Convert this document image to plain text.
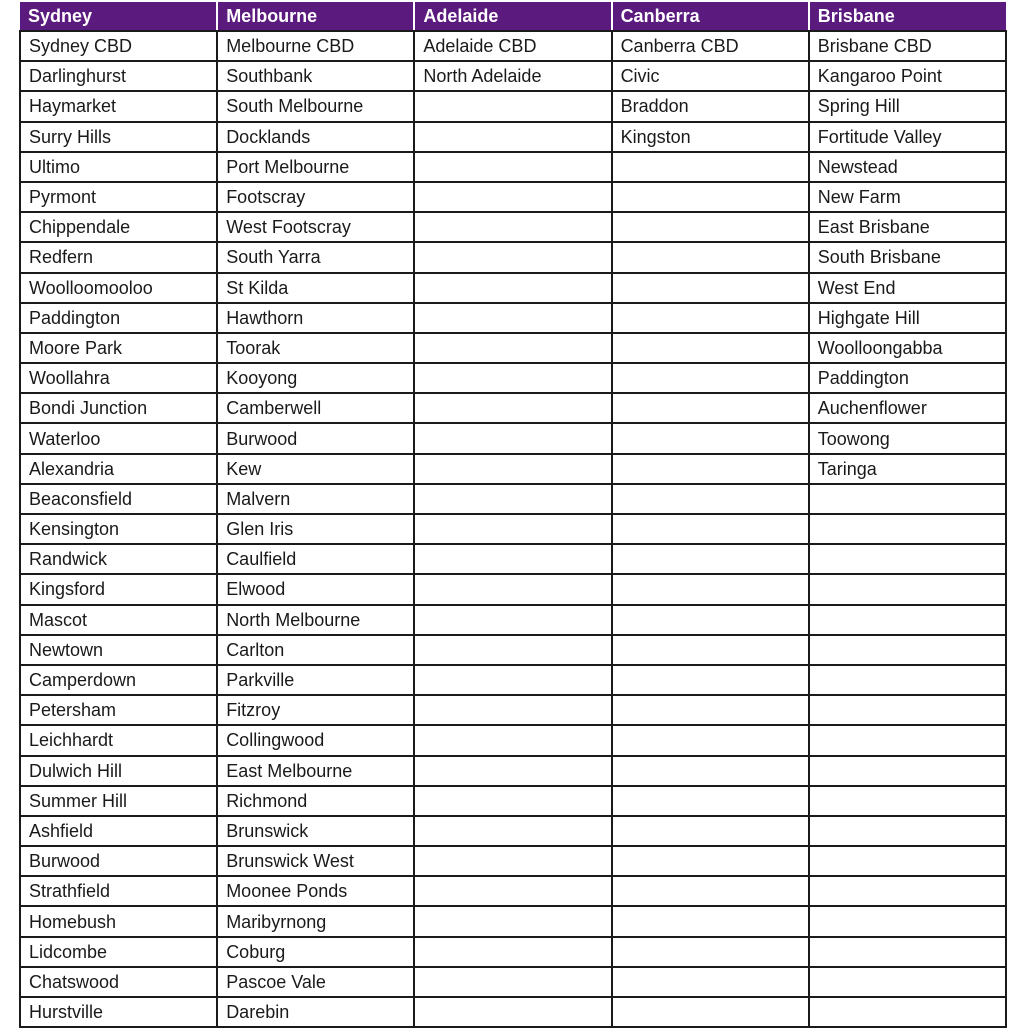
Sydney	Melbourne	Adelaide	Canberra	Brisbane
Sydney CBD	Melbourne CBD	Adelaide CBD	Canberra CBD	Brisbane CBD
Darlinghurst	Southbank	North Adelaide	Civic	Kangaroo Point
Haymarket	South Melbourne		Braddon	Spring Hill
Surry Hills	Docklands		Kingston	Fortitude Valley
Ultimo	Port Melbourne			Newstead
Pyrmont	Footscray			New Farm
Chippendale	West Footscray			East Brisbane
Redfern	South Yarra			South Brisbane
Woolloomooloo	St Kilda			West End
Paddington	Hawthorn			Highgate Hill
Moore Park	Toorak			Woolloongabba
Woollahra	Kooyong			Paddington
Bondi Junction	Camberwell			Auchenflower
Waterloo	Burwood			Toowong
Alexandria	Kew			Taringa
Beaconsfield	Malvern			
Kensington	Glen Iris			
Randwick	Caulfield			
Kingsford	Elwood			
Mascot	North Melbourne			
Newtown	Carlton			
Camperdown	Parkville			
Petersham	Fitzroy			
Leichhardt	Collingwood			
Dulwich Hill	East Melbourne			
Summer Hill	Richmond			
Ashfield	Brunswick			
Burwood	Brunswick West			
Strathfield	Moonee Ponds			
Homebush	Maribyrnong			
Lidcombe	Coburg			
Chatswood	Pascoe Vale			
Hurstville	Darebin			
